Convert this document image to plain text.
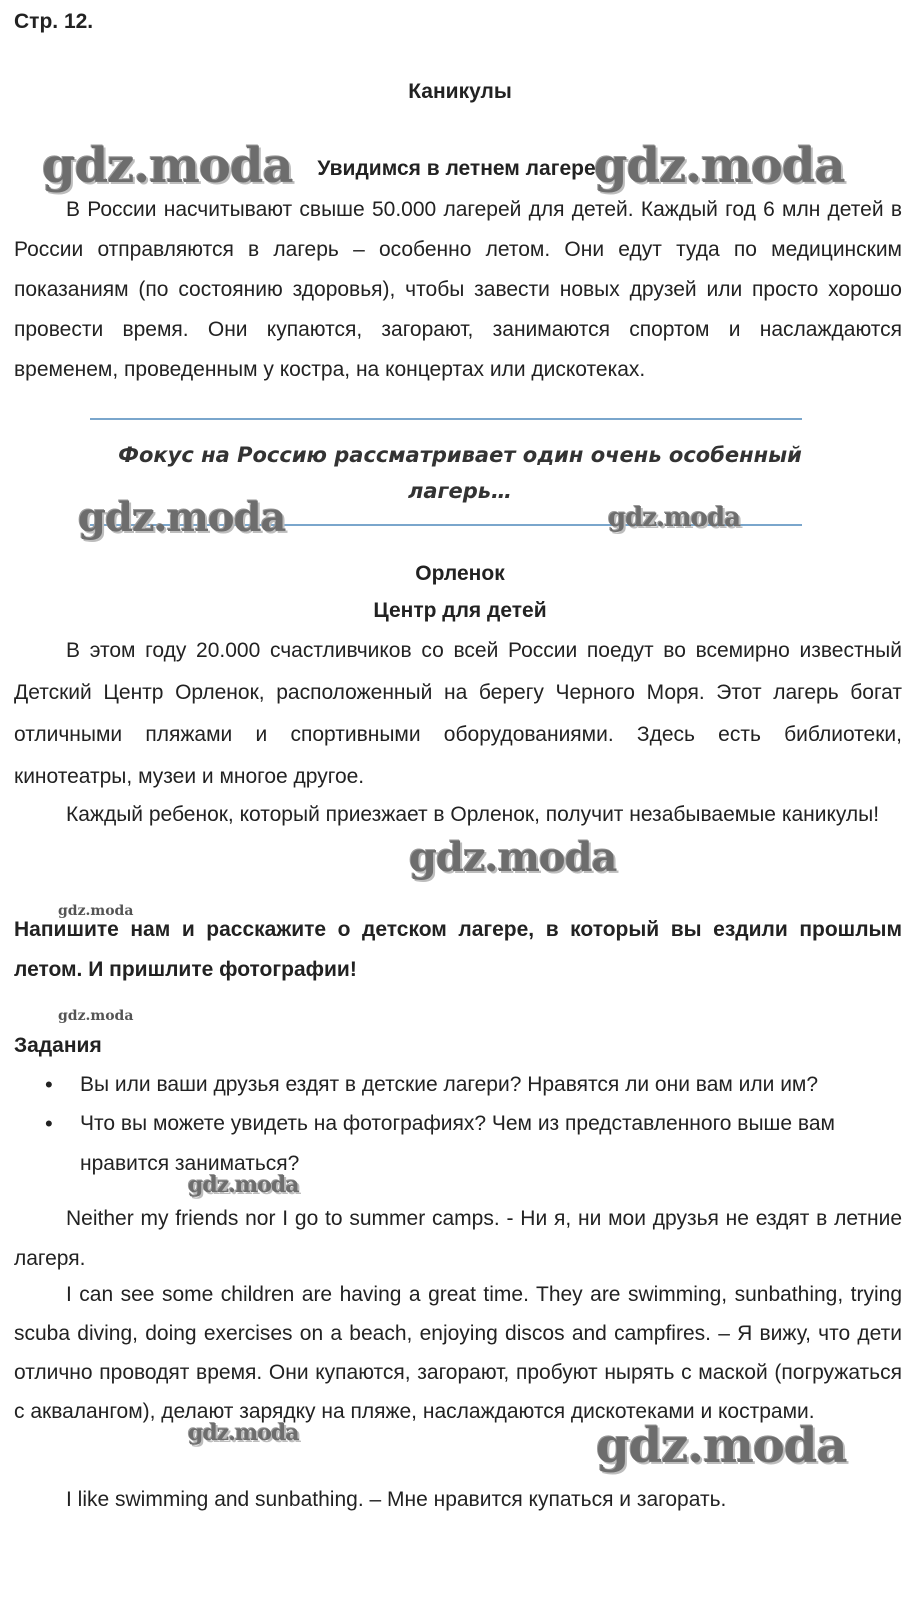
Стр. 12.
Каникулы
Увидимся в летнем лагере!
В России насчитывают свыше 50.000 лагерей для детей. Каждый год 6 млн детей в России отправляются в лагерь – особенно летом. Они едут туда по медицинским показаниям (по состоянию здоровья), чтобы завести новых друзей или просто хорошо провести время. Они купаются, загорают, занимаются спортом и наслаждаются временем, проведенным у костра, на концертах или дискотеках.
Фокус на Россию рассматривает один очень особенный
лагерь…
Орленок
Центр для детей
В этом году 20.000 счастливчиков со всей России поедут во всемирно известный Детский Центр Орленок, расположенный на берегу Черного Моря. Этот лагерь богат отличными пляжами и спортивными оборудованиями. Здесь есть библиотеки, кинотеатры, музеи и многое другое.
Каждый ребенок, который приезжает в Орленок, получит незабываемые каникулы!
Напишите нам и расскажите о детском лагере, в который вы ездили прошлым летом. И пришлите фотографии!
Задания
• Вы или ваши друзья ездят в детские лагери? Нравятся ли они вам или им?
• Что вы можете увидеть на фотографиях? Чем из представленного выше вам нравится заниматься?
Neither my friends nor I go to summer camps. - Ни я, ни мои друзья не ездят в летние лагеря.
I can see some children are having a great time. They are swimming, sunbathing, trying scuba diving, doing exercises on a beach, enjoying discos and campfires. – Я вижу, что дети отлично проводят время. Они купаются, загорают, пробуют нырять с маской (погружаться с аквалангом), делают зарядку на пляже, наслаждаются дискотеками и кострами.
I like swimming and sunbathing. – Мне нравится купаться и загорать.
gdz.moda	gdz.moda
gdz.moda	gdz.moda
gdz.moda
gdz.moda
gdz.moda
gdz.moda
gdz.moda	gdz.moda
